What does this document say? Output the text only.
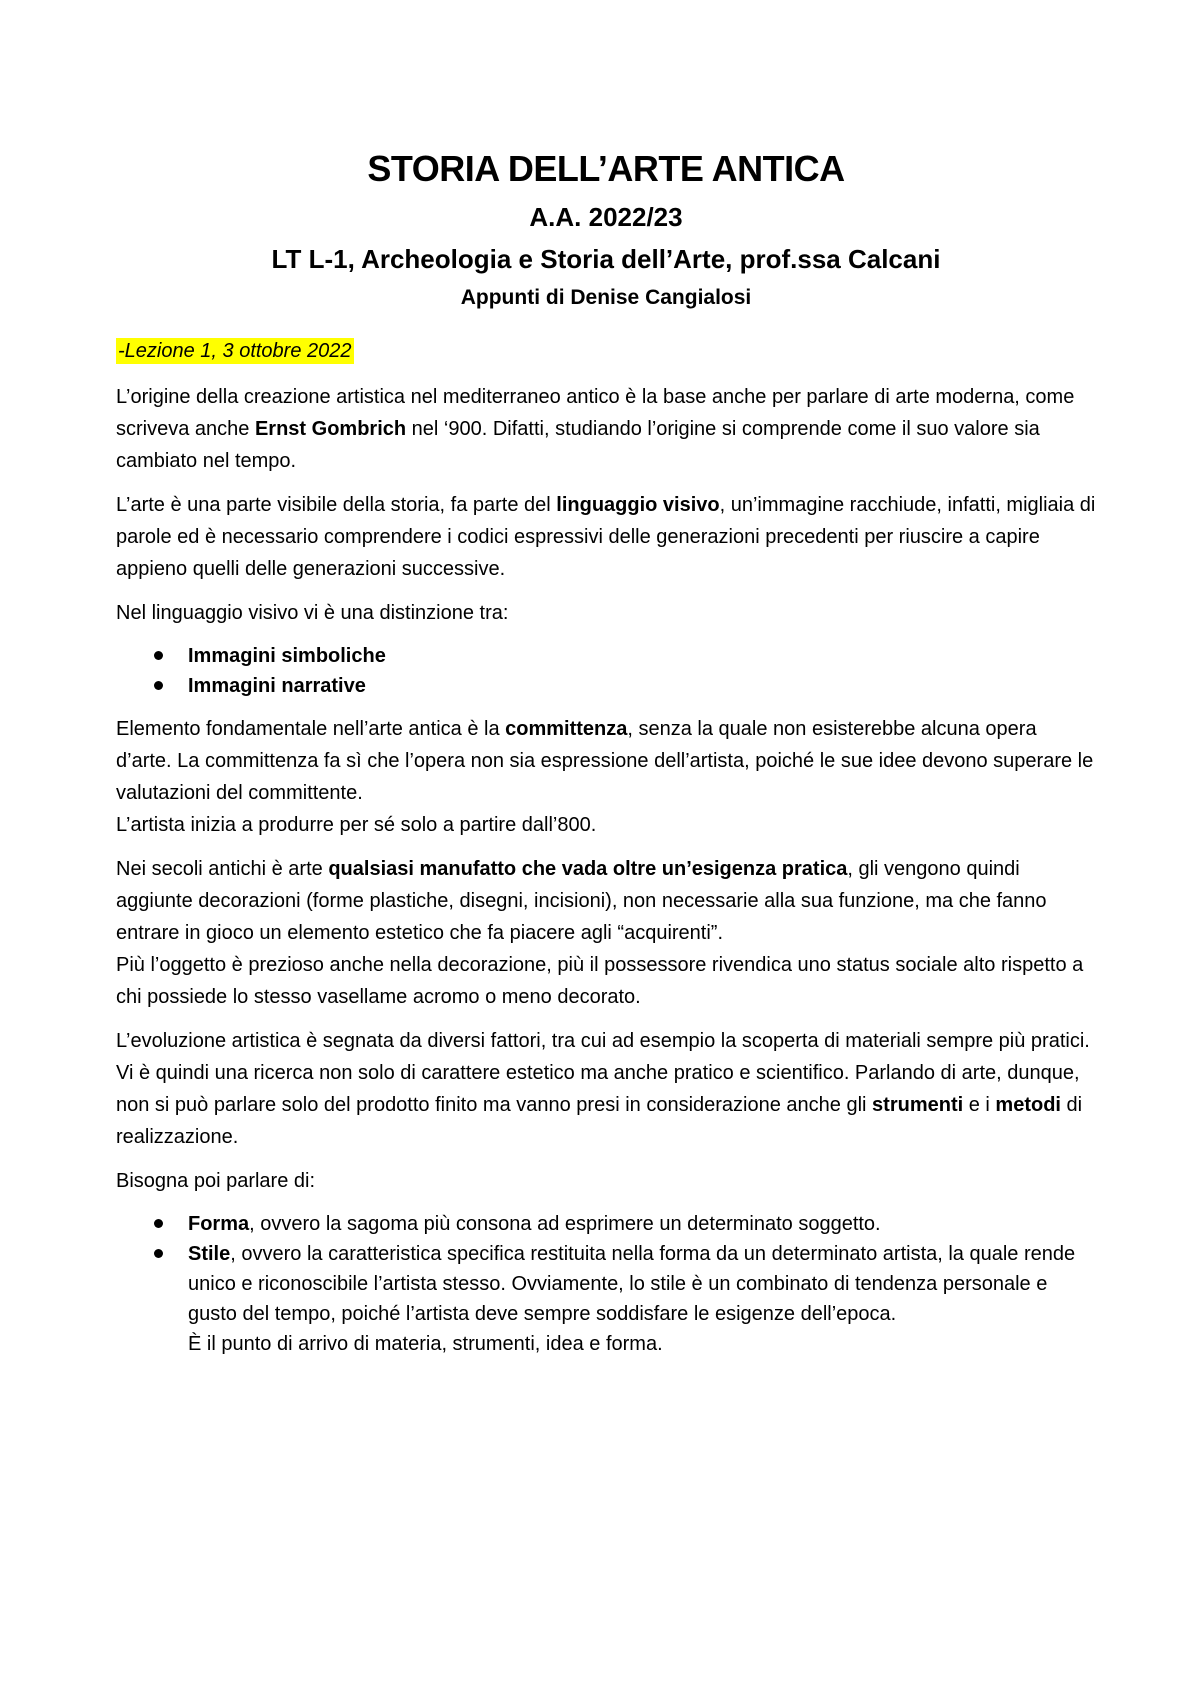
STORIA DELL’ARTE ANTICA
A.A. 2022/23
LT L-1, Archeologia e Storia dell’Arte, prof.ssa Calcani
Appunti di Denise Cangialosi
-Lezione 1, 3 ottobre 2022

L’origine della creazione artistica nel mediterraneo antico è la base anche per parlare di arte moderna, come scriveva anche Ernst Gombrich nel ‘900. Difatti, studiando l’origine si comprende come il suo valore sia cambiato nel tempo.

L’arte è una parte visibile della storia, fa parte del linguaggio visivo, un’immagine racchiude, infatti, migliaia di parole ed è necessario comprendere i codici espressivi delle generazioni precedenti per riuscire a capire appieno quelli delle generazioni successive.

Nel linguaggio visivo vi è una distinzione tra:

Immagini simboliche
Immagini narrative

Elemento fondamentale nell’arte antica è la committenza, senza la quale non esisterebbe alcuna opera d’arte. La committenza fa sì che l’opera non sia espressione dell’artista, poiché le sue idee devono superare le valutazioni del committente.
L’artista inizia a produrre per sé solo a partire dall’800.

Nei secoli antichi è arte qualsiasi manufatto che vada oltre un’esigenza pratica, gli vengono quindi aggiunte decorazioni (forme plastiche, disegni, incisioni), non necessarie alla sua funzione, ma che fanno entrare in gioco un elemento estetico che fa piacere agli “acquirenti”.
Più l’oggetto è prezioso anche nella decorazione, più il possessore rivendica uno status sociale alto rispetto a chi possiede lo stesso vasellame acromo o meno decorato.

L’evoluzione artistica è segnata da diversi fattori, tra cui ad esempio la scoperta di materiali sempre più pratici. Vi è quindi una ricerca non solo di carattere estetico ma anche pratico e scientifico. Parlando di arte, dunque, non si può parlare solo del prodotto finito ma vanno presi in considerazione anche gli strumenti e i metodi di realizzazione.

Bisogna poi parlare di:

Forma, ovvero la sagoma più consona ad esprimere un determinato soggetto.
Stile, ovvero la caratteristica specifica restituita nella forma da un determinato artista, la quale rende unico e riconoscibile l’artista stesso. Ovviamente, lo stile è un combinato di tendenza personale e gusto del tempo, poiché l’artista deve sempre soddisfare le esigenze dell’epoca.
È il punto di arrivo di materia, strumenti, idea e forma.
